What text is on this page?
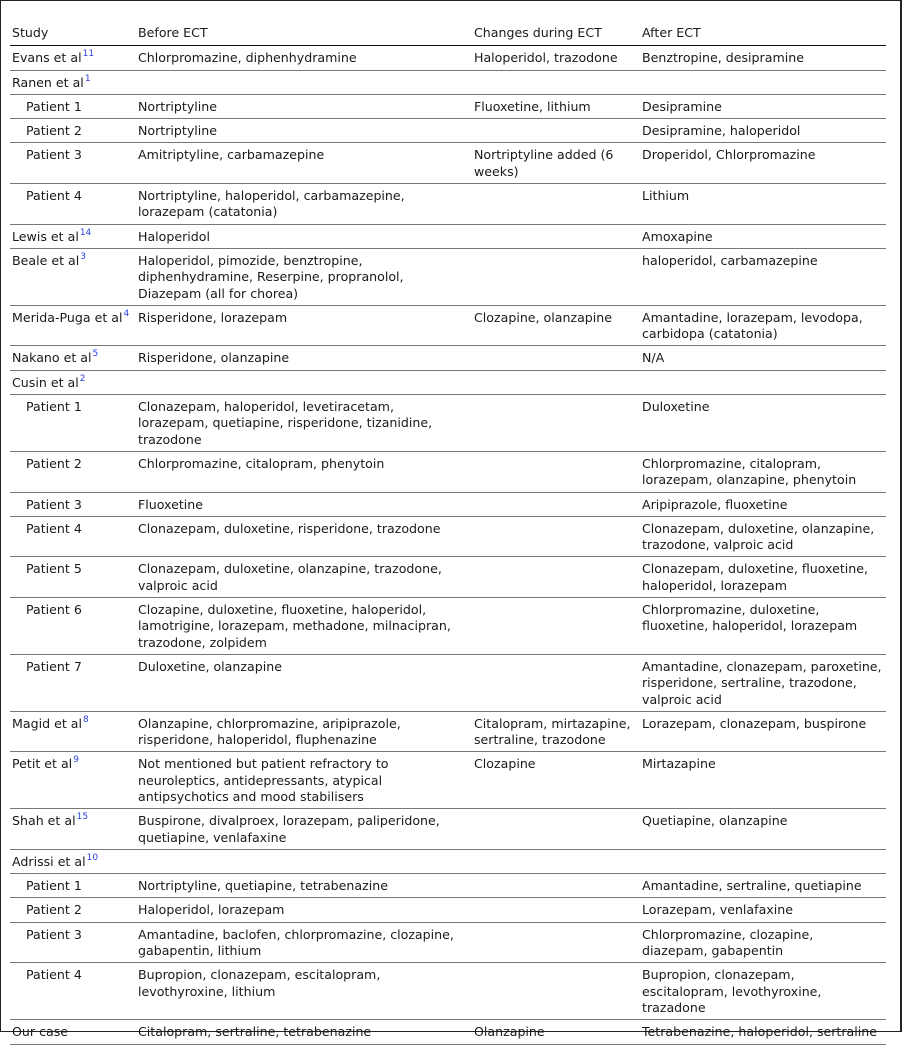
Study	Before ECT	Changes during ECT	After ECT
Evans et $al^{11}$	Chlorpromazine, diphenhydramine	Haloperidol, trazodone	Benztropine, desipramine
Ranen et $al^1$			
Patient 1	Nortriptyline	Fluoxetine, lithium	Desipramine
Patient 2	Nortriptyline		Desipramine, haloperidol
Patient 3	Amitriptyline, carbamazepine	Nortriptyline added (6 weeks)	Droperidol, Chlorpromazine
Patient 4	Nortriptyline, haloperidol, carbamazepine, lorazepam (catatonia)		Lithium
Lewis et $al^{14}$	Haloperidol		Amoxapine
Beale et $al^3$	Haloperidol, pimozide, benztropine, diphenhydramine, Reserpine, propranolol, Diazepam (all for chorea)		haloperidol, carbamazepine
Merida-Puga et $al^4$	Risperidone, lorazepam	Clozapine, olanzapine	Amantadine, lorazepam, levodopa, carbidopa (catatonia)
Nakano et $al^5$	Risperidone, olanzapine		N/A
Cusin et $al^2$			
Patient 1	Clonazepam, haloperidol, levetiracetam, lorazepam, quetiapine, risperidone, tizanidine, trazodone		Duloxetine
Patient 2	Chlorpromazine, citalopram, phenytoin		Chlorpromazine, citalopram, lorazepam, olanzapine, phenytoin
Patient 3	Fluoxetine		Aripiprazole, fluoxetine
Patient 4	Clonazepam, duloxetine, risperidone, trazodone		Clonazepam, duloxetine, olanzapine, trazodone, valproic acid
Patient 5	Clonazepam, duloxetine, olanzapine, trazodone, valproic acid		Clonazepam, duloxetine, fluoxetine, haloperidol, lorazepam
Patient 6	Clozapine, duloxetine, fluoxetine, haloperidol, lamotrigine, lorazepam, methadone, milnacipran, trazodone, zolpidem		Chlorpromazine, duloxetine, fluoxetine, haloperidol, lorazepam
Patient 7	Duloxetine, olanzapine		Amantadine, clonazepam, paroxetine, risperidone, sertraline, trazodone, valproic acid
Magid et $al^8$	Olanzapine, chlorpromazine, aripiprazole, risperidone, haloperidol, fluphenazine	Citalopram, mirtazapine, sertraline, trazodone	Lorazepam, clonazepam, buspirone
Petit et $al^9$	Not mentioned but patient refractory to neuroleptics, antidepressants, atypical antipsychotics and mood stabilisers	Clozapine	Mirtazapine
Shah et $al^{15}$	Buspirone, divalproex, lorazepam, paliperidone, quetiapine, venlafaxine		Quetiapine, olanzapine
Adrissi et $al^{10}$			
Patient 1	Nortriptyline, quetiapine, tetrabenazine		Amantadine, sertraline, quetiapine
Patient 2	Haloperidol, lorazepam		Lorazepam, venlafaxine
Patient 3	Amantadine, baclofen, chlorpromazine, clozapine, gabapentin, lithium		Chlorpromazine, clozapine, diazepam, gabapentin
Patient 4	Bupropion, clonazepam, escitalopram, levothyroxine, lithium		Bupropion, clonazepam, escitalopram, levothyroxine, trazadone
Our case	Citalopram, sertraline, tetrabenazine	Olanzapine	Tetrabenazine, haloperidol, sertraline
